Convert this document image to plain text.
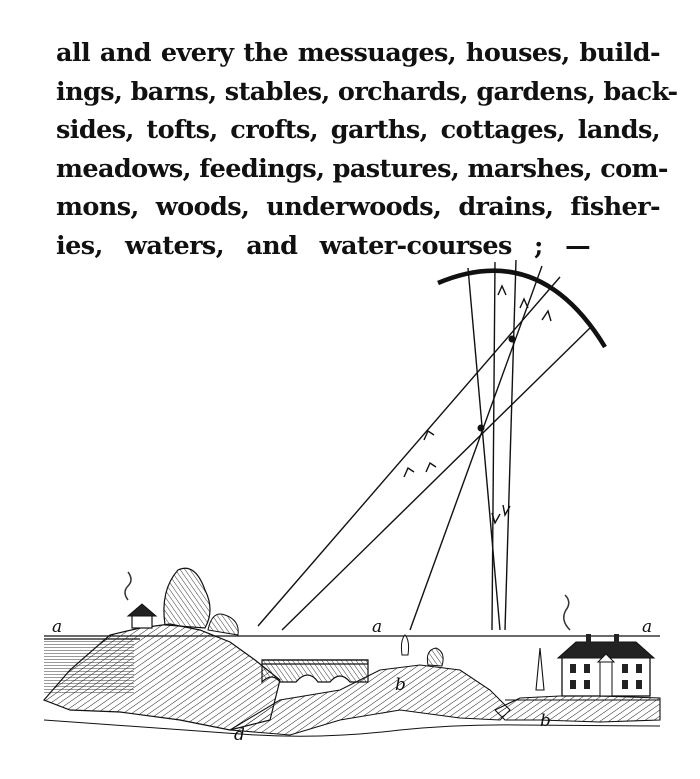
all and every the messuages, houses, build-
ings, barns, stables, orchards, gardens, back-
sides, tofts, crofts, garths, cottages, lands,
meadows, feedings, pastures, marshes, com-
mons, woods, underwoods, drains, fisher-
ies, waters, and water-courses ; —
a	a	a
b
b
d
